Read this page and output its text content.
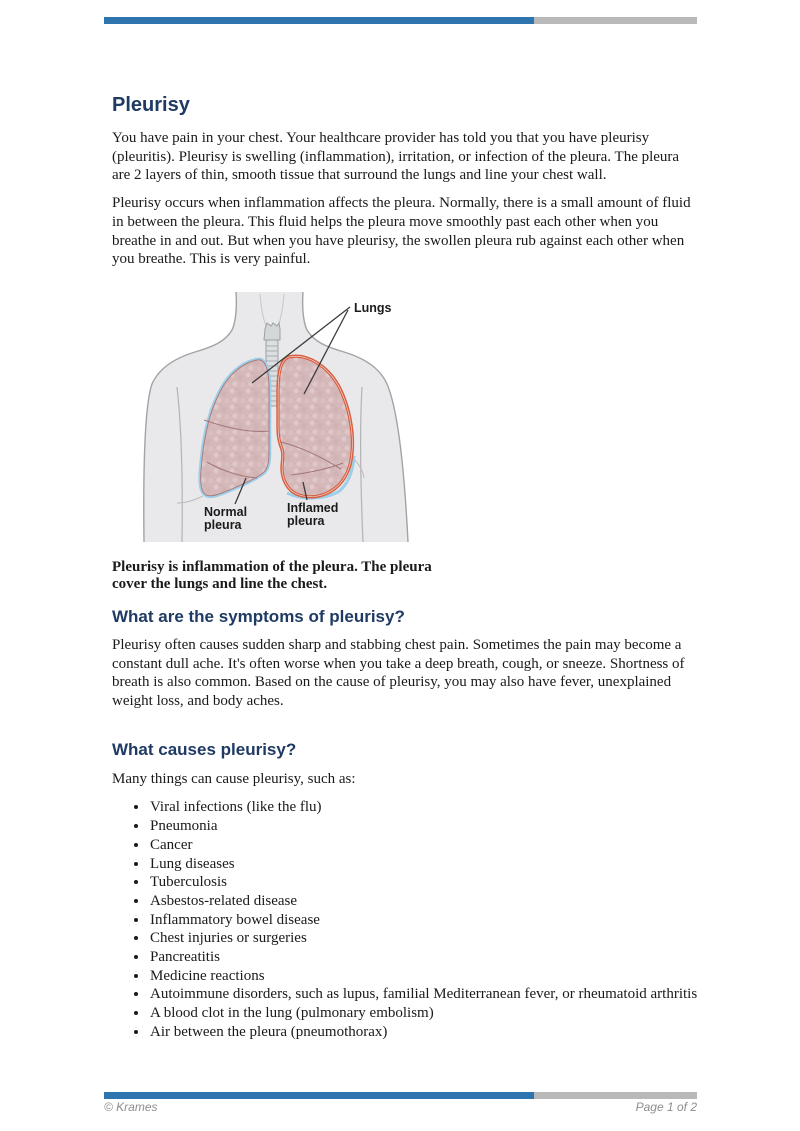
Pleurisy

You have pain in your chest. Your healthcare provider has told you that you have pleurisy (pleuritis). Pleurisy is swelling (inflammation), irritation, or infection of the pleura. The pleura are 2 layers of thin, smooth tissue that surround the lungs and line your chest wall.

Pleurisy occurs when inflammation affects the pleura. Normally, there is a small amount of fluid in between the pleura. This fluid helps the pleura move smoothly past each other when you breathe in and out. But when you have pleurisy, the swollen pleura rub against each other when you breathe. This is very painful.

Lungs
Normal
pleura
Inflamed
pleura
Pleurisy is inflammation of the pleura. The pleura cover the lungs and line the chest.
What are the symptoms of pleurisy?

Pleurisy often causes sudden sharp and stabbing chest pain. Sometimes the pain may become a constant dull ache. It's often worse when you take a deep breath, cough, or sneeze. Shortness of breath is also common. Based on the cause of pleurisy, you may also have fever, unexplained weight loss, and body aches.

What causes pleurisy?

Many things can cause pleurisy, such as:

• Viral infections (like the flu)
• Pneumonia
• Cancer
• Lung diseases
• Tuberculosis
• Asbestos-related disease
• Inflammatory bowel disease
• Chest injuries or surgeries
• Pancreatitis
• Medicine reactions
• Autoimmune disorders, such as lupus, familial Mediterranean fever, or rheumatoid arthritis
• A blood clot in the lung (pulmonary embolism)
• Air between the pleura (pneumothorax)
© Krames	Page 1 of 2
